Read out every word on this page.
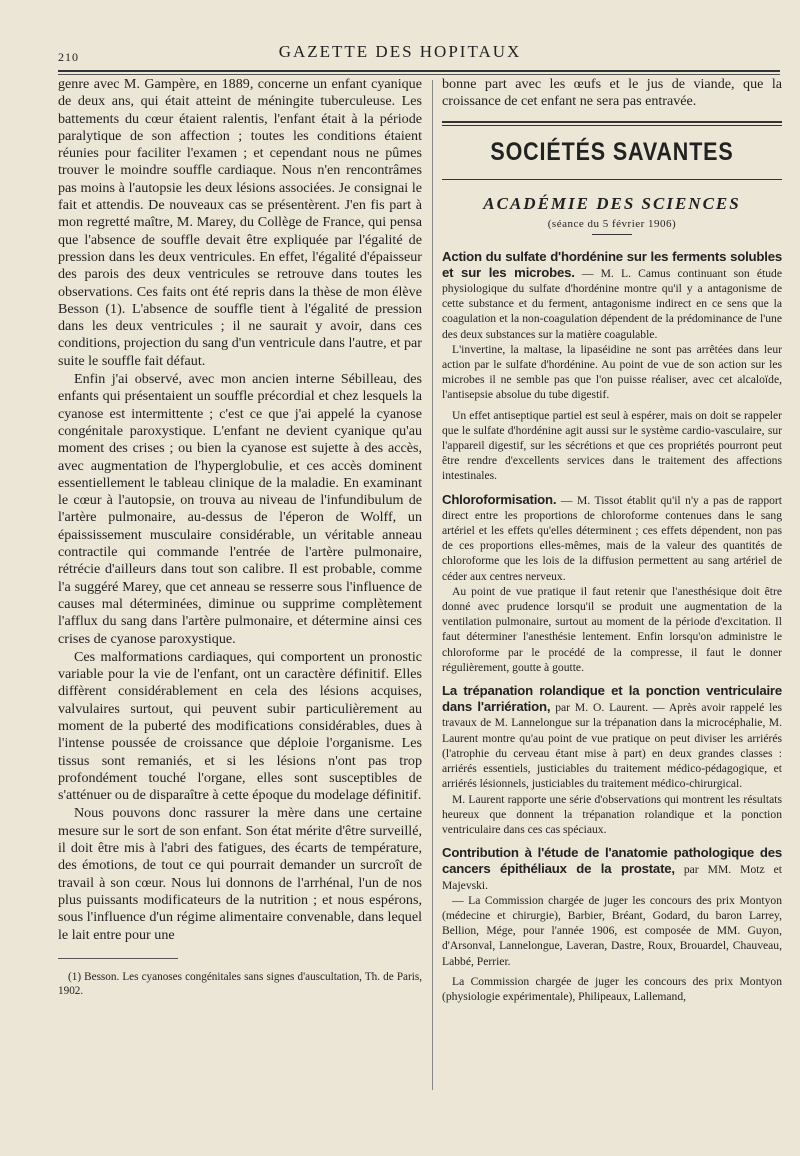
210	GAZETTE DES HOPITAUX

genre avec M. Gampère, en 1889, concerne un enfant cyanique de deux ans, qui était atteint de méningite tuberculeuse. Les battements du cœur étaient ralentis, l'enfant était à la période paralytique de son affection ; toutes les conditions étaient réunies pour faciliter l'examen ; et cependant nous ne pûmes trouver le moindre souffle cardiaque. Nous n'en rencontrâmes pas moins à l'autopsie les deux lésions associées. Je consignai le fait et attendis. De nouveaux cas se présentèrent. J'en fis part à mon regretté maître, M. Marey, du Collège de France, qui pensa que l'absence de souffle devait être expliquée par l'égalité de pression dans les deux ventricules. En effet, l'égalité d'épaisseur des parois des deux ventricules se retrouve dans toutes les observations. Ces faits ont été repris dans la thèse de mon élève Besson (1). L'absence de souffle tient à l'égalité de pression dans les deux ventricules ; il ne saurait y avoir, dans ces conditions, projection du sang d'un ventricule dans l'autre, et par suite le souffle fait défaut.

Enfin j'ai observé, avec mon ancien interne Sébilleau, des enfants qui présentaient un souffle précordial et chez lesquels la cyanose est intermittente ; c'est ce que j'ai appelé la cyanose congénitale paroxystique. L'enfant ne devient cyanique qu'au moment des crises ; ou bien la cyanose est sujette à des accès, avec augmentation de l'hyperglobulie, et ces accès dominent essentiellement le tableau clinique de la maladie. En examinant le cœur à l'autopsie, on trouva au niveau de l'infundibulum de l'artère pulmonaire, au-dessus de l'éperon de Wolff, un épaississement musculaire considérable, un véritable anneau contractile qui commande l'entrée de l'artère pulmonaire, rétrécie d'ailleurs dans tout son calibre. Il est probable, comme l'a suggéré Marey, que cet anneau se resserre sous l'influence de causes mal déterminées, diminue ou supprime complètement l'afflux du sang dans l'artère pulmonaire, et détermine ainsi ces crises de cyanose paroxystique.

Ces malformations cardiaques, qui comportent un pronostic variable pour la vie de l'enfant, ont un caractère définitif. Elles diffèrent considérablement en cela des lésions acquises, valvulaires surtout, qui peuvent subir particulièrement au moment de la puberté des modifications considérables, dues à l'intense poussée de croissance que déploie l'organisme. Les tissus sont remaniés, et si les lésions n'ont pas trop profondément touché l'organe, elles sont susceptibles de s'atténuer ou de disparaître à cette époque du modelage définitif.

Nous pouvons donc rassurer la mère dans une certaine mesure sur le sort de son enfant. Son état mérite d'être surveillé, il doit être mis à l'abri des fatigues, des écarts de température, des émotions, de tout ce qui pourrait demander un surcroît de travail à son cœur. Nous lui donnons de l'arrhénal, l'un de nos plus puissants modificateurs de la nutrition ; et nous espérons, sous l'influence d'un régime alimentaire convenable, dans lequel le lait entre pour une

(1) Besson. Les cyanoses congénitales sans signes d'auscultation, Th. de Paris, 1902.

bonne part avec les œufs et le jus de viande, que la croissance de cet enfant ne sera pas entravée.

SOCIÉTÉS SAVANTES
ACADÉMIE DES SCIENCES
(séance du 5 février 1906)

Action du sulfate d'hordénine sur les ferments solubles et sur les microbes. — M. L. Camus continuant son étude physiologique du sulfate d'hordénine montre qu'il y a antagonisme de cette substance et du ferment, antagonisme indirect en ce sens que la coagulation et la non-coagulation dépendent de la prédominance de l'une des deux substances sur la matière coagulable.

L'invertine, la maltase, la lipaséidine ne sont pas arrêtées dans leur action par le sulfate d'hordénine. Au point de vue de son action sur les microbes il ne semble pas que l'on puisse réaliser, avec cet alcaloïde, l'antisepsie absolue du tube digestif.

Un effet antiseptique partiel est seul à espérer, mais on doit se rappeler que le sulfate d'hordénine agit aussi sur le système cardio-vasculaire, sur l'appareil digestif, sur les sécrétions et que ces propriétés pourront peut être rendre d'excellents services dans le traitement des affections intestinales.

Chloroformisation. — M. Tissot établit qu'il n'y a pas de rapport direct entre les proportions de chloroforme contenues dans le sang artériel et les effets qu'elles déterminent ; ces effets dépendent, non pas de ces proportions elles-mêmes, mais de la valeur des quantités de chloroforme que les lois de la diffusion permettent au sang artériel de céder aux centres nerveux.

Au point de vue pratique il faut retenir que l'anesthésique doit être donné avec prudence lorsqu'il se produit une augmentation de la ventilation pulmonaire, surtout au moment de la période d'excitation. Il faut déterminer l'anesthésie lentement. Enfin lorsqu'on administre le chloroforme par le procédé de la compresse, il faut le donner régulièrement, goutte à goutte.

La trépanation rolandique et la ponction ventriculaire dans l'arriération, par M. O. Laurent. — Après avoir rappelé les travaux de M. Lannelongue sur la trépanation dans la microcéphalie, M. Laurent montre qu'au point de vue pratique on peut diviser les arriérés (l'atrophie du cerveau étant mise à part) en deux grandes classes : arriérés essentiels, justiciables du traitement médico-pédagogique, et arriérés lésionnels, justiciables du traitement médico-chirurgical.

M. Laurent rapporte une série d'observations qui montrent les résultats heureux que donnent la trépanation rolandique et la ponction ventriculaire dans ces cas spéciaux.

Contribution à l'étude de l'anatomie pathologique des cancers épithéliaux de la prostate, par MM. Motz et Majevski.

— La Commission chargée de juger les concours des prix Montyon (médecine et chirurgie), Barbier, Bréant, Godard, du baron Larrey, Bellion, Mége, pour l'année 1906, est composée de MM. Guyon, d'Arsonval, Lannelongue, Laveran, Dastre, Roux, Brouardel, Chauveau, Labbé, Perrier.

La Commission chargée de juger les concours des prix Montyon (physiologie expérimentale), Philipeaux, Lallemand,
